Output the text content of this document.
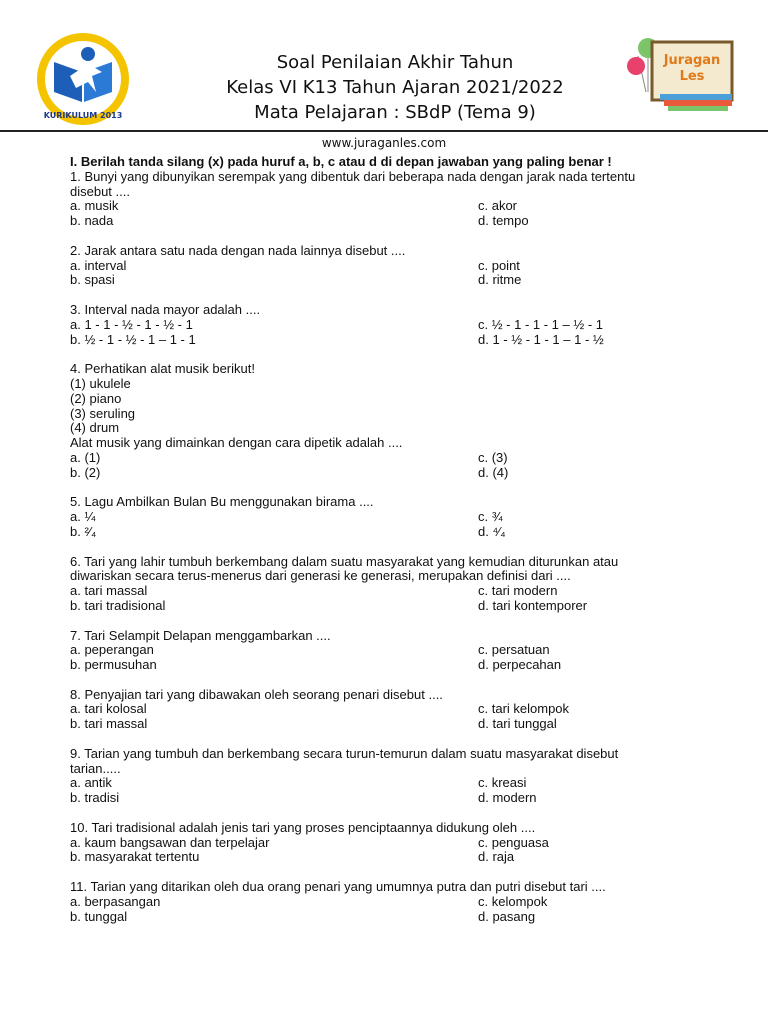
KURIKULUM 2013
Soal Penilaian Akhir Tahun
Kelas VI K13 Tahun Ajaran 2021/2022
Mata Pelajaran : SBdP (Tema 9)
Juragan
Les
www.juraganles.com
I. Berilah tanda silang (x) pada huruf a, b, c atau d di depan jawaban yang paling benar !
1. Bunyi yang dibunyikan serempak yang dibentuk dari beberapa nada dengan jarak nada tertentu
disebut ....
a. musik	c. akor
b. nada	d. tempo
2. Jarak antara satu nada dengan nada lainnya disebut ....
a. interval	c. point
b. spasi	d. ritme
3. Interval nada mayor adalah ....
a. 1 - 1 - ½ - 1 - ½ - 1	c. ½ - 1 - 1 - 1 – ½ - 1
b. ½ - 1 - ½ - 1 – 1 - 1	d. 1 - ½ - 1 - 1 – 1 - ½
4. Perhatikan alat musik berikut!
(1) ukulele
(2) piano
(3) seruling
(4) drum
Alat musik yang dimainkan dengan cara dipetik adalah ....
a. (1)	c. (3)
b. (2)	d. (4)
5. Lagu Ambilkan Bulan Bu menggunakan birama ....
a. ¼	c. ¾
b. ²⁄₄	d. ⁴⁄₄
6. Tari yang lahir tumbuh berkembang dalam suatu masyarakat yang kemudian diturunkan atau
diwariskan secara terus-menerus dari generasi ke generasi, merupakan definisi dari ....
a. tari massal	c. tari modern
b. tari tradisional	d. tari kontemporer
7. Tari Selampit Delapan menggambarkan ....
a. peperangan	c. persatuan
b. permusuhan	d. perpecahan
8. Penyajian tari yang dibawakan oleh seorang penari disebut ....
a. tari kolosal	c. tari kelompok
b. tari massal	d. tari tunggal
9. Tarian yang tumbuh dan berkembang secara turun-temurun dalam suatu masyarakat disebut
tarian.....
a. antik	c. kreasi
b. tradisi	d. modern
10. Tari tradisional adalah jenis tari yang proses penciptaannya didukung oleh ....
a. kaum bangsawan dan terpelajar	c. penguasa
b. masyarakat tertentu	d. raja
11. Tarian yang ditarikan oleh dua orang penari yang umumnya putra dan putri disebut tari ....
a. berpasangan	c. kelompok
b. tunggal	d. pasang
